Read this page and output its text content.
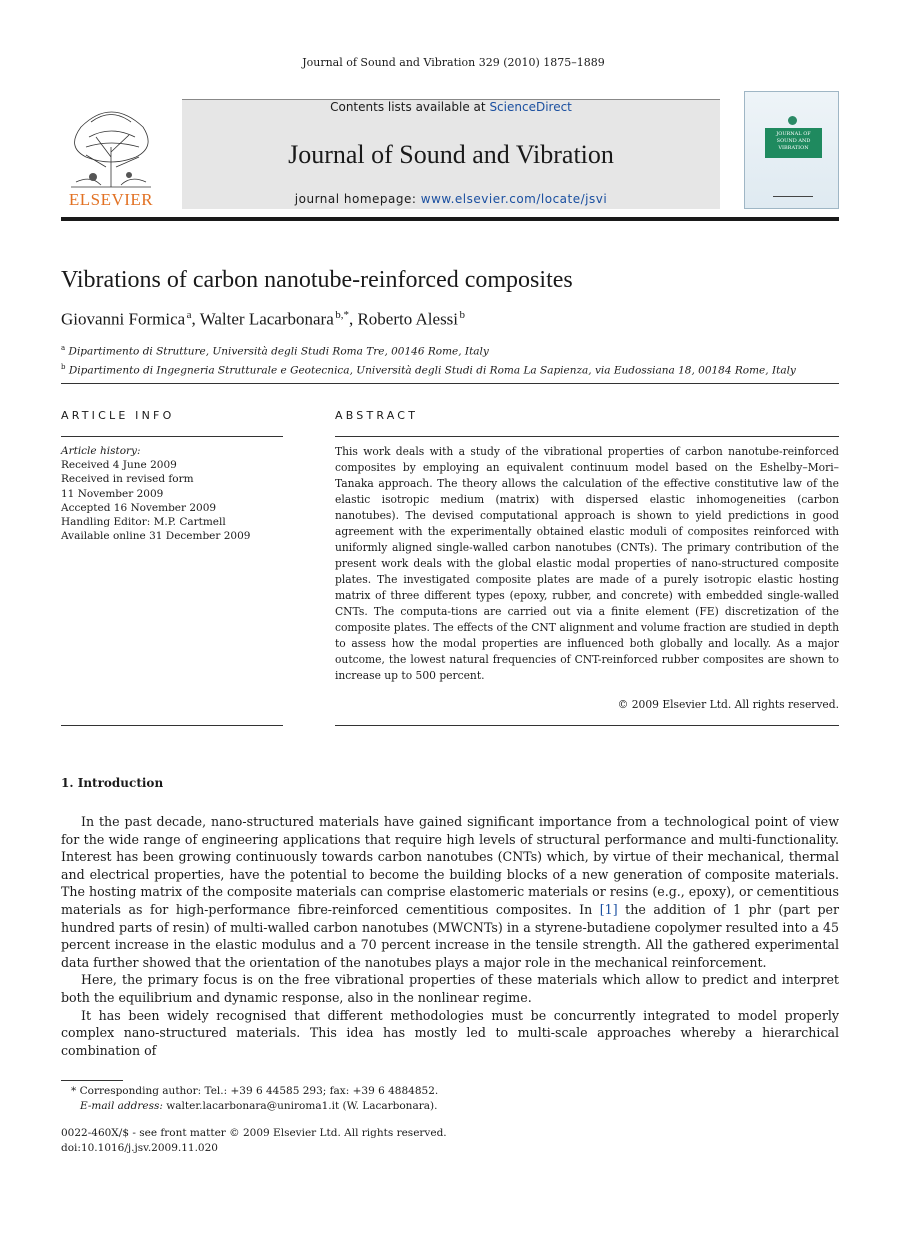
Journal of Sound and Vibration 329 (2010) 1875–1889
ELSEVIER
Contents lists available at ScienceDirect
Journal of Sound and Vibration
journal homepage: www.elsevier.com/locate/jsvi
JOURNAL OF
SOUND AND
VIBRATION
Vibrations of carbon nanotube-reinforced composites
Giovanni Formica $^a$, Walter Lacarbonara $^{b,*}$, Roberto Alessi $^b$
$^a$ Dipartimento di Strutture, Università degli Studi Roma Tre, 00146 Rome, Italy
$^b$ Dipartimento di Ingegneria Strutturale e Geotecnica, Università degli Studi di Roma La Sapienza, via Eudossiana 18, 00184 Rome, Italy
ARTICLE INFO
Article history:
Received 4 June 2009
Received in revised form
11 November 2009
Accepted 16 November 2009
Handling Editor: M.P. Cartmell
Available online 31 December 2009
ABSTRACT
This work deals with a study of the vibrational properties of carbon nanotube-reinforced composites by employing an equivalent continuum model based on the Eshelby–Mori–Tanaka approach. The theory allows the calculation of the effective constitutive law of the elastic isotropic medium (matrix) with dispersed elastic inhomogeneities (carbon nanotubes). The devised computational approach is shown to yield predictions in good agreement with the experimentally obtained elastic moduli of composites reinforced with uniformly aligned single-walled carbon nanotubes (CNTs). The primary contribution of the present work deals with the global elastic modal properties of nano-structured composite plates. The investigated composite plates are made of a purely isotropic elastic hosting matrix of three different types (epoxy, rubber, and concrete) with embedded single-walled CNTs. The computa-tions are carried out via a finite element (FE) discretization of the composite plates. The effects of the CNT alignment and volume fraction are studied in depth to assess how the modal properties are influenced both globally and locally. As a major outcome, the lowest natural frequencies of CNT-reinforced rubber composites are shown to increase up to 500 percent.
© 2009 Elsevier Ltd. All rights reserved.
1. Introduction

In the past decade, nano-structured materials have gained significant importance from a technological point of view for the wide range of engineering applications that require high levels of structural performance and multi-functionality. Interest has been growing continuously towards carbon nanotubes (CNTs) which, by virtue of their mechanical, thermal and electrical properties, have the potential to become the building blocks of a new generation of composite materials. The hosting matrix of the composite materials can comprise elastomeric materials or resins (e.g., epoxy), or cementitious materials as for high-performance fibre-reinforced cementitious composites. In [1] the addition of 1 phr (part per hundred parts of resin) of multi-walled carbon nanotubes (MWCNTs) in a styrene-butadiene copolymer resulted into a 45 percent increase in the elastic modulus and a 70 percent increase in the tensile strength. All the gathered experimental data further showed that the orientation of the nanotubes plays a major role in the mechanical reinforcement.

Here, the primary focus is on the free vibrational properties of these materials which allow to predict and interpret both the equilibrium and dynamic response, also in the nonlinear regime.

It has been widely recognised that different methodologies must be concurrently integrated to model properly complex nano-structured materials. This idea has mostly led to multi-scale approaches whereby a hierarchical combination of

* Corresponding author: Tel.: +39 6 44585 293; fax: +39 6 4884852.
E-mail address: walter.lacarbonara@uniroma1.it (W. Lacarbonara).
0022-460X/$ - see front matter © 2009 Elsevier Ltd. All rights reserved.
doi:10.1016/j.jsv.2009.11.020
